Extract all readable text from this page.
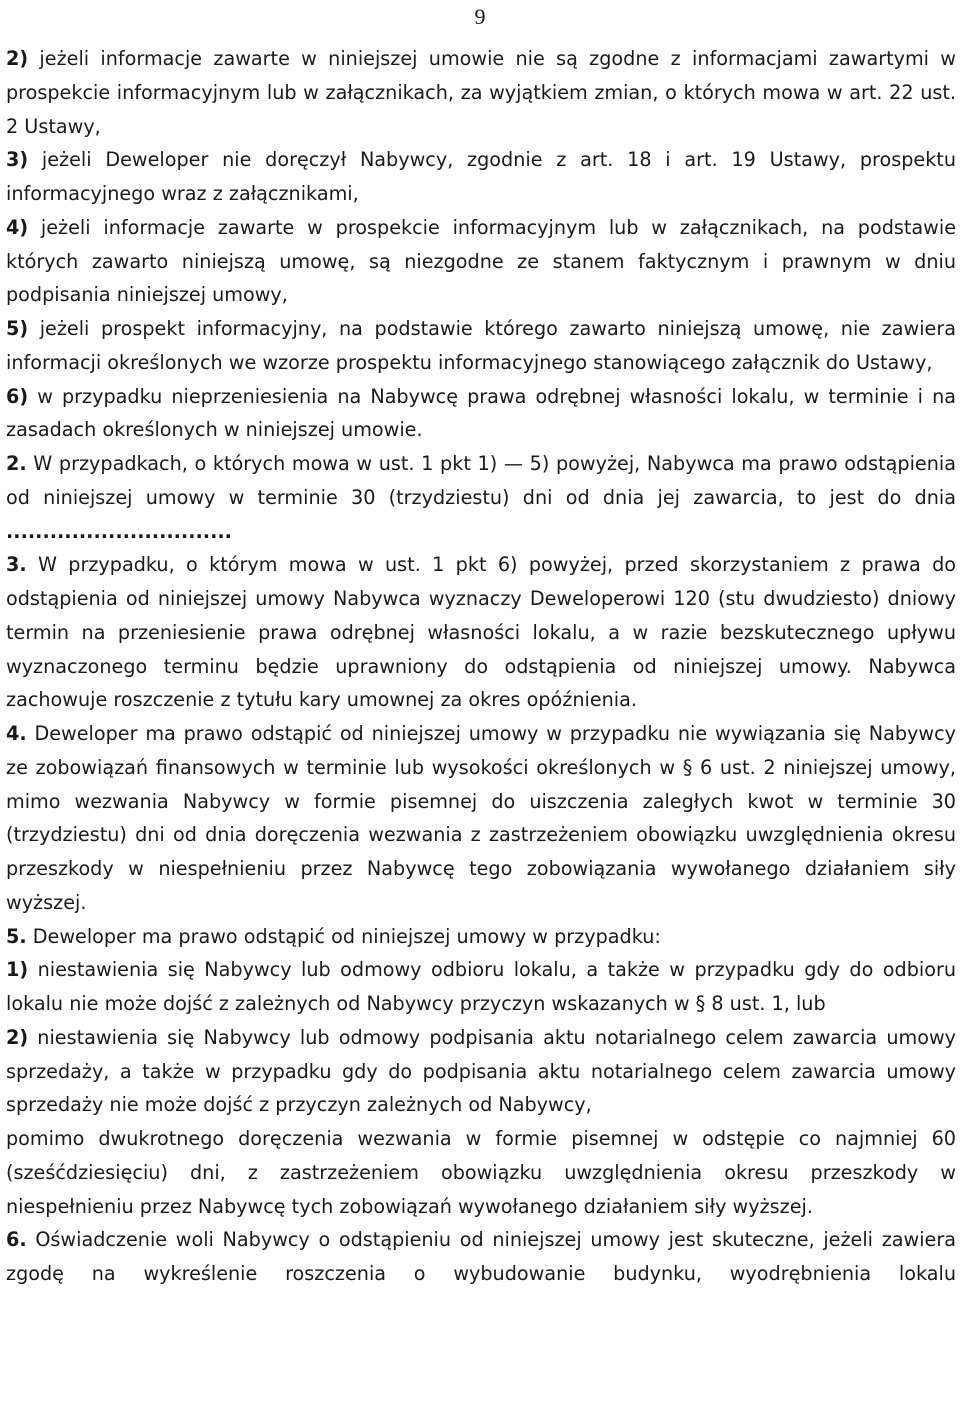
9

2) jeżeli informacje zawarte w niniejszej umowie nie są zgodne z informacjami zawartymi w prospekcie informacyjnym lub w załącznikach, za wyjątkiem zmian, o których mowa w art. 22 ust. 2 Ustawy,

3) jeżeli Deweloper nie doręczył Nabywcy, zgodnie z art. 18 i art. 19 Ustawy, prospektu informacyjnego wraz z załącznikami,

4) jeżeli informacje zawarte w prospekcie informacyjnym lub w załącznikach, na podstawie których zawarto niniejszą umowę, są niezgodne ze stanem faktycznym i prawnym w dniu podpisania niniejszej umowy,

5) jeżeli prospekt informacyjny, na podstawie którego zawarto niniejszą umowę, nie zawiera informacji określonych we wzorze prospektu informacyjnego stanowiącego załącznik do Ustawy,

6) w przypadku nieprzeniesienia na Nabywcę prawa odrębnej własności lokalu, w terminie i na zasadach określonych w niniejszej umowie.

2. W przypadkach, o których mowa w ust. 1 pkt 1) — 5) powyżej, Nabywca ma prawo odstąpienia od niniejszej umowy w terminie 30 (trzydziestu) dni od dnia jej zawarcia, to jest do dnia ...............................

3. W przypadku, o którym mowa w ust. 1 pkt 6) powyżej, przed skorzystaniem z prawa do odstąpienia od niniejszej umowy Nabywca wyznaczy Deweloperowi 120 (stu dwudziesto) dniowy termin na przeniesienie prawa odrębnej własności lokalu, a w razie bezskutecznego upływu wyznaczonego terminu będzie uprawniony do odstąpienia od niniejszej umowy. Nabywca zachowuje roszczenie z tytułu kary umownej za okres opóźnienia.

4. Deweloper ma prawo odstąpić od niniejszej umowy w przypadku nie wywiązania się Nabywcy ze zobowiązań finansowych w terminie lub wysokości określonych w § 6 ust. 2 niniejszej umowy, mimo wezwania Nabywcy w formie pisemnej do uiszczenia zaległych kwot w terminie 30 (trzydziestu) dni od dnia doręczenia wezwania z zastrzeżeniem obowiązku uwzględnienia okresu przeszkody w niespełnieniu przez Nabywcę tego zobowiązania wywołanego działaniem siły wyższej.

5. Deweloper ma prawo odstąpić od niniejszej umowy w przypadku:

1) niestawienia się Nabywcy lub odmowy odbioru lokalu, a także w przypadku gdy do odbioru lokalu nie może dojść z zależnych od Nabywcy przyczyn wskazanych w § 8 ust. 1, lub

2) niestawienia się Nabywcy lub odmowy podpisania aktu notarialnego celem zawarcia umowy sprzedaży, a także w przypadku gdy do podpisania aktu notarialnego celem zawarcia umowy sprzedaży nie może dojść z przyczyn zależnych od Nabywcy,

pomimo dwukrotnego doręczenia wezwania w formie pisemnej w odstępie co najmniej 60 (sześćdziesięciu) dni, z zastrzeżeniem obowiązku uwzględnienia okresu przeszkody w niespełnieniu przez Nabywcę tych zobowiązań wywołanego działaniem siły wyższej.

6. Oświadczenie woli Nabywcy o odstąpieniu od niniejszej umowy jest skuteczne, jeżeli zawiera zgodę na wykreślenie roszczenia o wybudowanie budynku, wyodrębnienia lokalu
